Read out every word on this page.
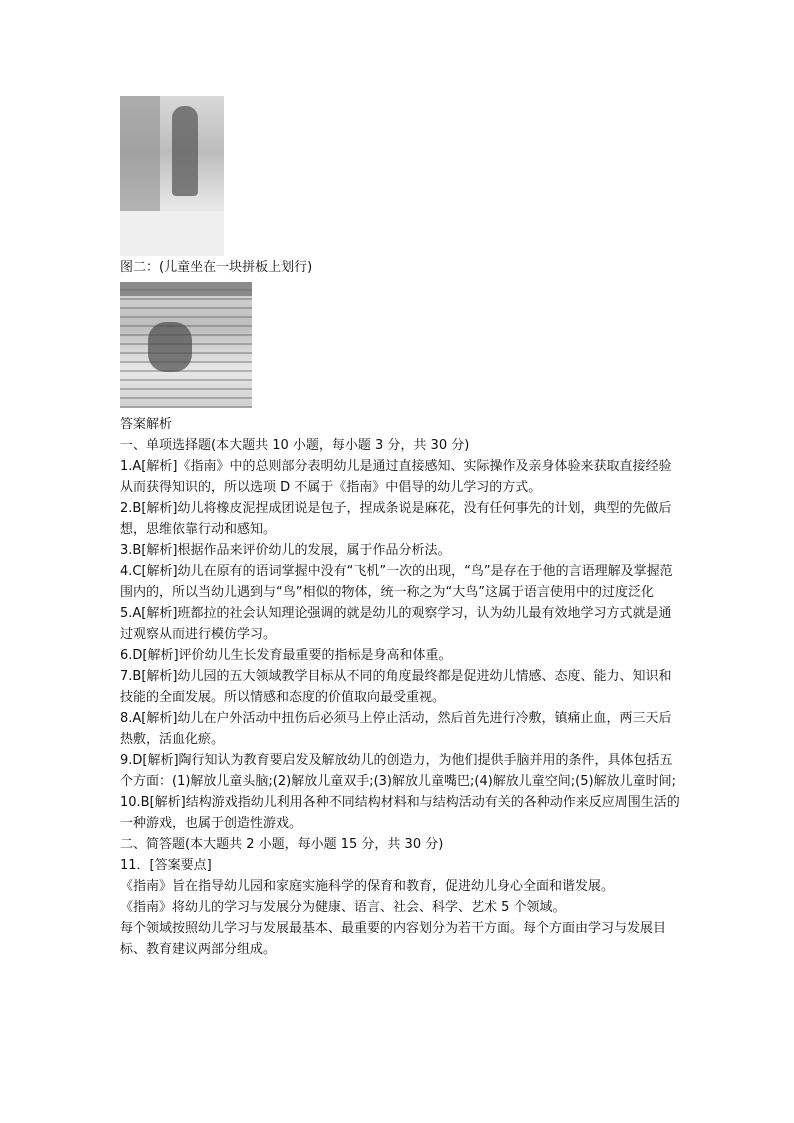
图二：(儿童坐在一块拼板上划行)

答案解析

一、单项选择题(本大题共 10 小题，每小题 3 分，共 30 分)

1.A[解析]《指南》中的总则部分表明幼儿是通过直接感知、实际操作及亲身体验来获取直接经验从而获得知识的，所以选项 D 不属于《指南》中倡导的幼儿学习的方式。

2.B[解析]幼儿将橡皮泥捏成团说是包子，捏成条说是麻花，没有任何事先的计划，典型的先做后想，思维依靠行动和感知。

3.B[解析]根据作品来评价幼儿的发展，属于作品分析法。

4.C[解析]幼儿在原有的语词掌握中没有“飞机”一次的出现，“鸟”是存在于他的言语理解及掌握范围内的，所以当幼儿遇到与“鸟”相似的物体，统一称之为“大鸟”这属于语言使用中的过度泛化

5.A[解析]班都拉的社会认知理论强调的就是幼儿的观察学习，认为幼儿最有效地学习方式就是通过观察从而进行模仿学习。

6.D[解析]评价幼儿生长发育最重要的指标是身高和体重。

7.B[解析]幼儿园的五大领域教学目标从不同的角度最终都是促进幼儿情感、态度、能力、知识和技能的全面发展。所以情感和态度的价值取向最受重视。

8.A[解析]幼儿在户外活动中扭伤后必须马上停止活动，然后首先进行冷敷，镇痛止血，两三天后热敷，活血化瘀。

9.D[解析]陶行知认为教育要启发及解放幼儿的创造力，为他们提供手脑并用的条件，具体包括五个方面：(1)解放儿童头脑;(2)解放儿童双手;(3)解放儿童嘴巴;(4)解放儿童空间;(5)解放儿童时间;

10.B[解析]结构游戏指幼儿利用各种不同结构材料和与结构活动有关的各种动作来反应周围生活的一种游戏，也属于创造性游戏。

二、简答题(本大题共 2 小题，每小题 15 分，共 30 分)

11．[答案要点]

《指南》旨在指导幼儿园和家庭实施科学的保育和教育，促进幼儿身心全面和谐发展。

《指南》将幼儿的学习与发展分为健康、语言、社会、科学、艺术 5 个领域。

每个领域按照幼儿学习与发展最基本、最重要的内容划分为若干方面。每个方面由学习与发展目标、教育建议两部分组成。
